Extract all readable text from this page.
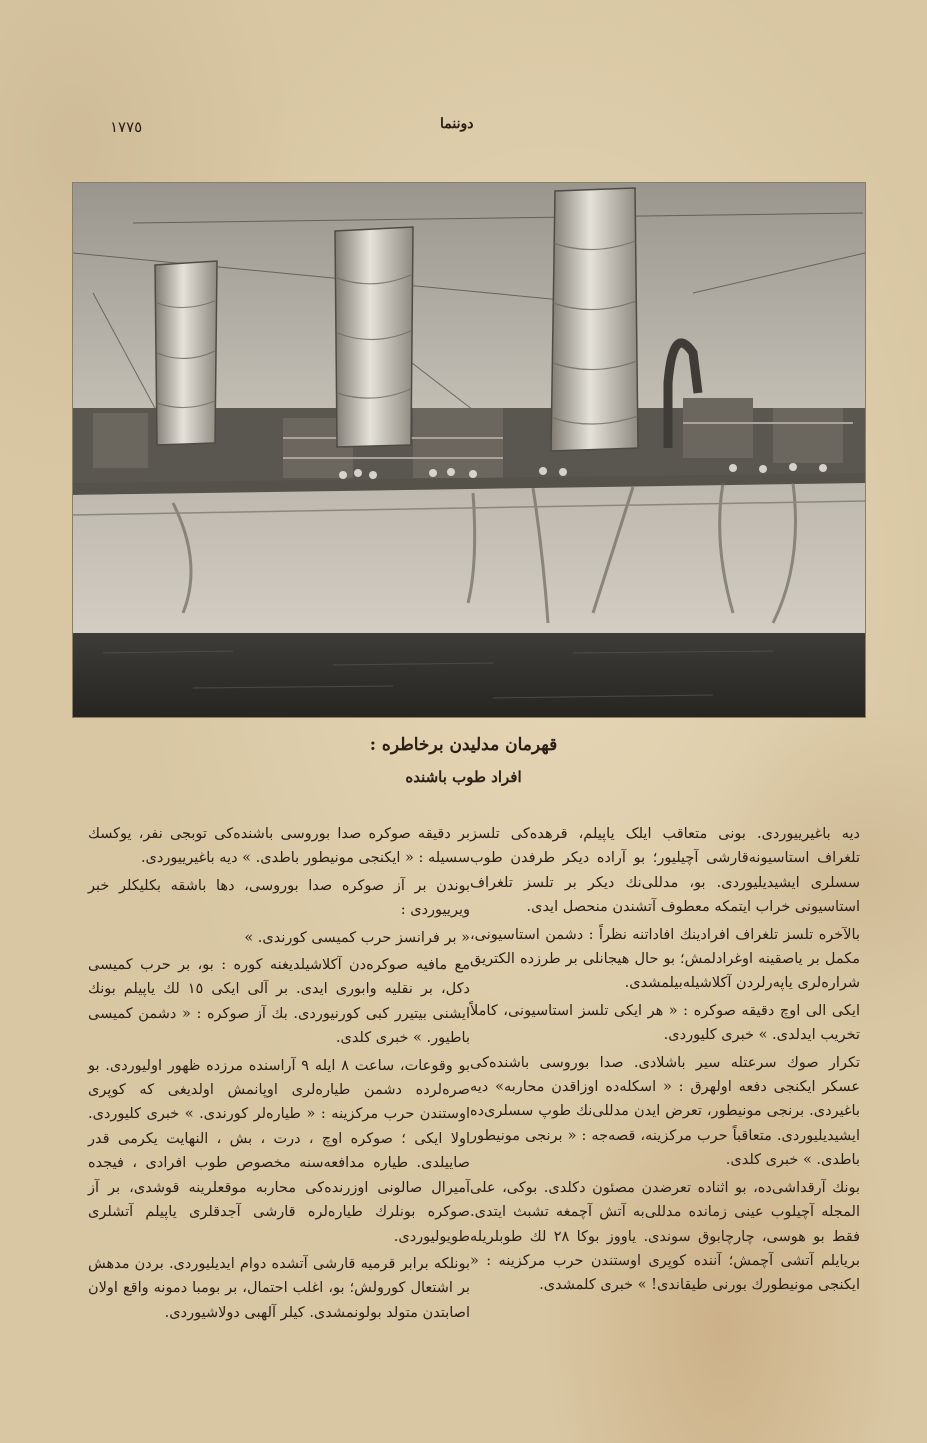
١٧٧٥	دوننما
قهرمان مدلیدن برخاطره :
افراد طوب باشنده

دیه باغیرییوردی. بونی متعاقب ایلک یاپیلم، قرهده‌کی تلسز تلغراف استاسیونه‌قارشی آچیلیور؛ بو آراده دیکر طرفدن طوب سسلری ایشیدیلیوردی. بو، مدللی‌نك دیکر بر تلسز تلغراف استاسیونی خراب ایتمکه معطوف آتشندن منحصل ایدی.

بالآخره تلسز تلغراف افرادینك افاداتنه نظراً : دشمن استاسیونی، مکمل بر یاصقینه اوغرادلمش؛ بو حال هیجانلی بر طرزده الکتریق شراره‌لری یاپه‌رلردن آکلاشیله‌بیلمشدی.

ایکی الی اوچ دقیقه صوکره : « هر ایکی تلسز استاسیونی، کاملاً تخریب ایدلدی. » خبری کلیوردی.

تکرار صوك سرعتله سیر باشلادی. صدا بوروسی باشنده‌کی عسکر ایکنجی دفعه اولهرق : « اسکله‌ده اوزاقدن محاربه‌» دیه باغیردی. برنجی مونیطور، تعرض ایدن مدللی‌نك طوپ سسلری‌ده ایشیدیلیوردی. متعاقباً حرب مرکزینه، قصه‌جه : « برنجی مونیطور باطدی. » خبری کلدی.

بونك آرقداشی‌ده، بو اثناده تعرضدن مصئون دکلدی. بوکی، علی المجله آچیلوب عینی زمانده مدللی‌به آتش آچمغه تشبث ایتدی. فقط بو هوسی، چارچابوق سوندی. یاووز بوکا ٢٨ لك طوبلریله بریایلم آتشی آچمش؛ آننده کوپری اوستندن حرب مرکزینه : « ایکنجی مونیطورك بورنی طیقاندی! » خبری کلمشدی.

بر دقیقه صوکره صدا بوروسی باشنده‌کی توبجی نفر، یوکسك سسیله : « ایکنجی مونیطور باطدی. » دیه باغیرییوردی.

بوندن بر آز صوکره صدا بوروسی، دها باشقه بکلیکلر خبر ویرییوردی :

« بر فرانسز حرب کمیسی کورندی. »

مع مافیه صوکره‌دن آکلاشیلدیغنه کوره : بو، بر حرب کمیسی دکل، بر نقلیه وابوری ایدی. بر آلی ایکی ١٥ لك یاپیلم بونك ایشنی بیتیرر کبی کورنیوردی. بك آز صوکره : « دشمن کمیسی باطیور. » خبری کلدی.

بو وقوعات، ساعت ٨ ایله ٩ آراسنده مرزده ظهور اولیوردی. بو صره‌لرده دشمن طیاره‌لری اوپانمش اولدیغی که کوپری اوستندن حرب مرکزینه : « طیاره‌لر کورندی. » خبری کلیوردی. اولا ایکی ؛ صوکره اوچ ، درت ، بش ، النهایت یکرمی قدر صاییلدی. طیاره مدافعه‌سنه مخصوص طوب افرادی ، فیجده آمیرال صالونی اوزرنده‌کی محاربه موقعلرینه قوشدی، بر آز صوکره بونلرك طیاره‌لره قارشی آجدقلری یاپیلم آتشلری طویولیوردی.

بونلکه برابر قرمیه قارشی آتشده دوام ایدیلیوردی. بردن مدهش بر اشتعال کورولش؛ بو، اغلب احتمال، بر بومبا دمونه واقع اولان اصابتدن متولد بولونمشدی. کیلر آلهبی دولاشیوردی.
